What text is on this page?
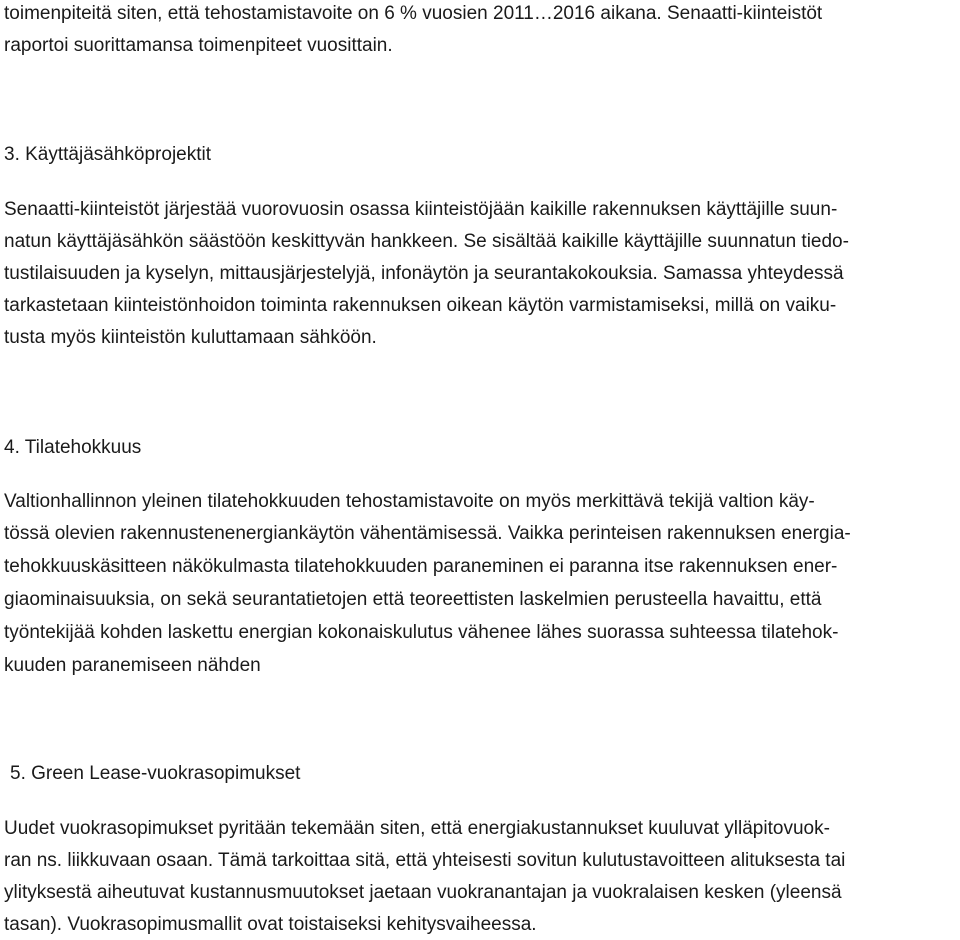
toimenpiteitä siten, että tehostamistavoite on 6 % vuosien 2011…2016 aikana. Senaatti-kiinteistöt
raportoi suorittamansa toimenpiteet vuosittain.
3. Käyttäjäsähköprojektit
Senaatti-kiinteistöt järjestää vuorovuosin osassa kiinteistöjään kaikille rakennuksen käyttäjille suun-
natun käyttäjäsähkön säästöön keskittyvän hankkeen. Se sisältää kaikille käyttäjille suunnatun tiedo-
tustilaisuuden ja kyselyn, mittausjärjestelyjä, infonäytön ja seurantakokouksia. Samassa yhteydessä
tarkastetaan kiinteistönhoidon toiminta rakennuksen oikean käytön varmistamiseksi, millä on vaiku-
tusta myös kiinteistön kuluttamaan sähköön.
4. Tilatehokkuus
Valtionhallinnon yleinen tilatehokkuuden tehostamistavoite on myös merkittävä tekijä valtion käy-
tössä olevien rakennustenenergiankäytön vähentämisessä. Vaikka perinteisen rakennuksen energia-
tehokkuuskäsitteen näkökulmasta tilatehokkuuden paraneminen ei paranna itse rakennuksen ener-
giaominaisuuksia, on sekä seurantatietojen että teoreettisten laskelmien perusteella havaittu, että
työntekijää kohden laskettu energian kokonaiskulutus vähenee lähes suorassa suhteessa tilatehok-
kuuden paranemiseen nähden
5. Green Lease-vuokrasopimukset
Uudet vuokrasopimukset pyritään tekemään siten, että energiakustannukset kuuluvat ylläpitovuok-
ran ns. liikkuvaan osaan. Tämä tarkoittaa sitä, että yhteisesti sovitun kulutustavoitteen alituksesta tai
ylityksestä aiheutuvat kustannusmuutokset jaetaan vuokranantajan ja vuokralaisen kesken (yleensä
tasan). Vuokrasopimusmallit ovat toistaiseksi kehitysvaiheessa.
